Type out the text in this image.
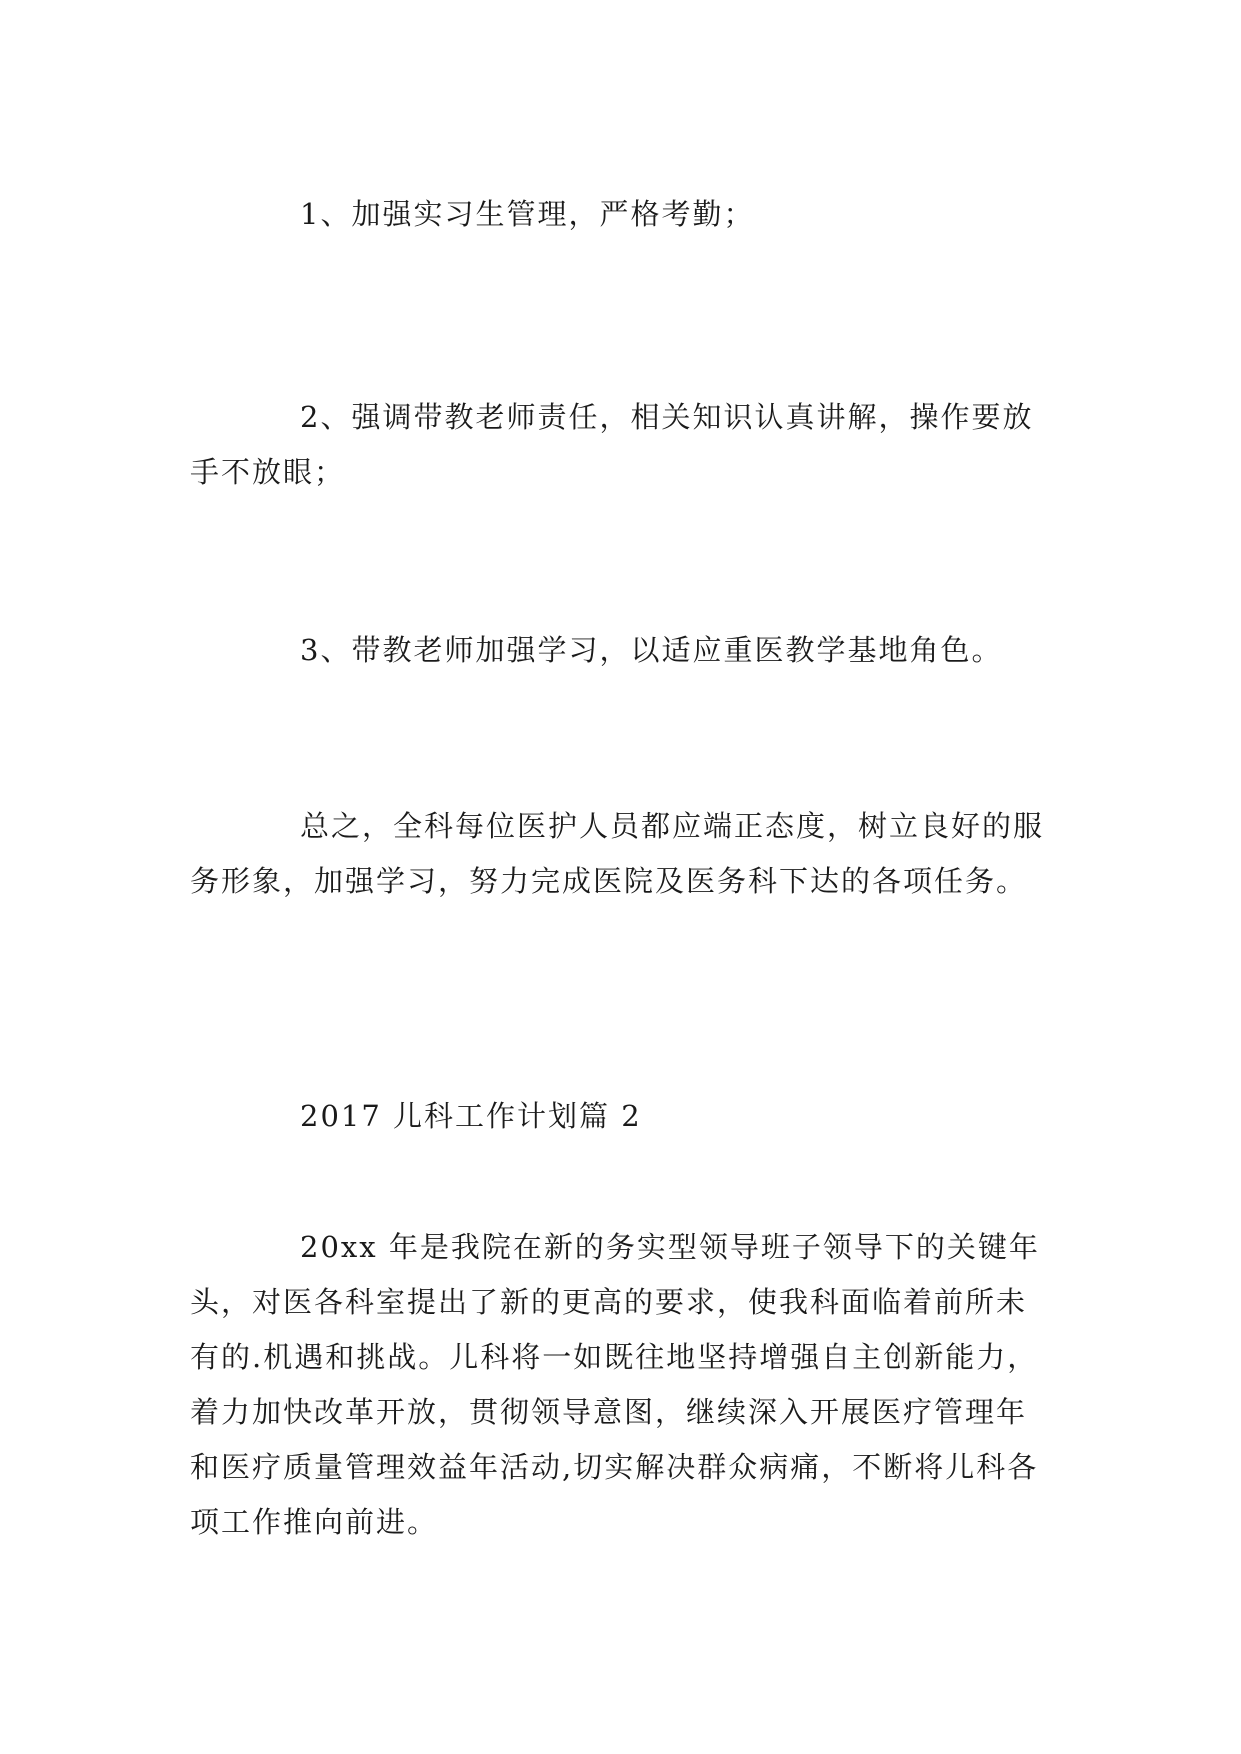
1、加强实习生管理，严格考勤；

2、强调带教老师责任，相关知识认真讲解，操作要放手不放眼；

3、带教老师加强学习，以适应重医教学基地角色。

总之，全科每位医护人员都应端正态度，树立良好的服务形象，加强学习，努力完成医院及医务科下达的各项任务。

2017 儿科工作计划篇 2

20xx 年是我院在新的务实型领导班子领导下的关键年头，对医各科室提出了新的更高的要求，使我科面临着前所未有的.机遇和挑战。儿科将一如既往地坚持增强自主创新能力，着力加快改革开放，贯彻领导意图，继续深入开展医疗管理年和医疗质量管理效益年活动,切实解决群众病痛，不断将儿科各项工作推向前进。
